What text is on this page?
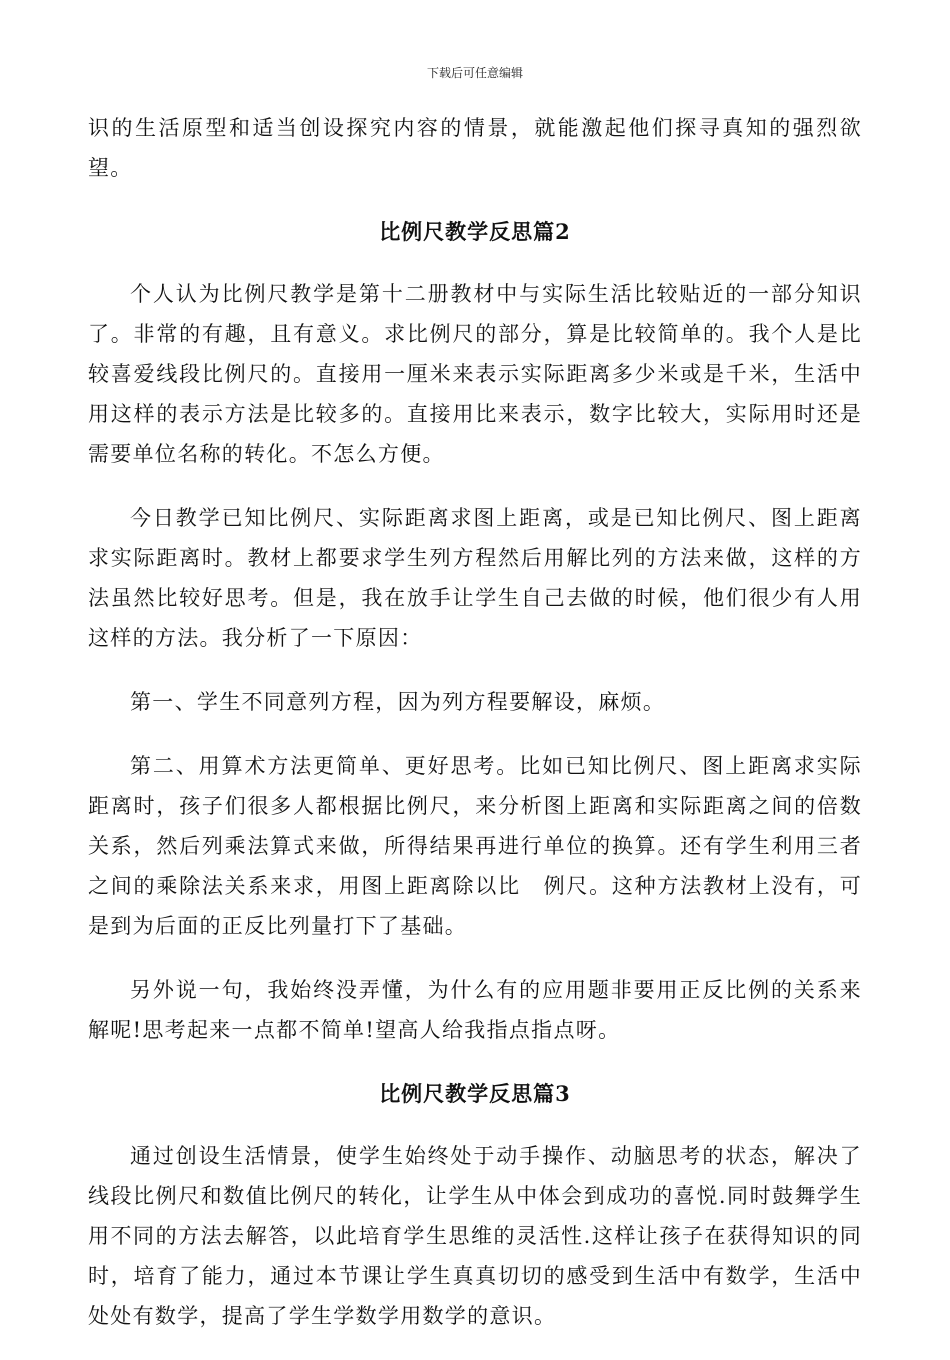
下载后可任意编辑

识的生活原型和适当创设探究内容的情景，就能激起他们探寻真知的强烈欲望。

比例尺教学反思篇2

个人认为比例尺教学是第十二册教材中与实际生活比较贴近的一部分知识了。非常的有趣，且有意义。求比例尺的部分，算是比较简单的。我个人是比较喜爱线段比例尺的。直接用一厘米来表示实际距离多少米或是千米，生活中用这样的表示方法是比较多的。直接用比来表示，数字比较大，实际用时还是需要单位名称的转化。不怎么方便。

今日教学已知比例尺、实际距离求图上距离，或是已知比例尺、图上距离求实际距离时。教材上都要求学生列方程然后用解比列的方法来做，这样的方法虽然比较好思考。但是，我在放手让学生自己去做的时候，他们很少有人用这样的方法。我分析了一下原因：

第一、学生不同意列方程，因为列方程要解设，麻烦。

第二、用算术方法更简单、更好思考。比如已知比例尺、图上距离求实际距离时，孩子们很多人都根据比例尺，来分析图上距离和实际距离之间的倍数关系，然后列乘法算式来做，所得结果再进行单位的换算。还有学生利用三者之间的乘除法关系来求，用图上距离除以比　例尺。这种方法教材上没有，可是到为后面的正反比列量打下了基础。

另外说一句，我始终没弄懂，为什么有的应用题非要用正反比例的关系来解呢!思考起来一点都不简单!望高人给我指点指点呀。

比例尺教学反思篇3

通过创设生活情景，使学生始终处于动手操作、动脑思考的状态，解决了线段比例尺和数值比例尺的转化，让学生从中体会到成功的喜悦.同时鼓舞学生用不同的方法去解答，以此培育学生思维的灵活性.这样让孩子在获得知识的同时，培育了能力，通过本节课让学生真真切切的感受到生活中有数学，生活中处处有数学，提高了学生学数学用数学的意识。
